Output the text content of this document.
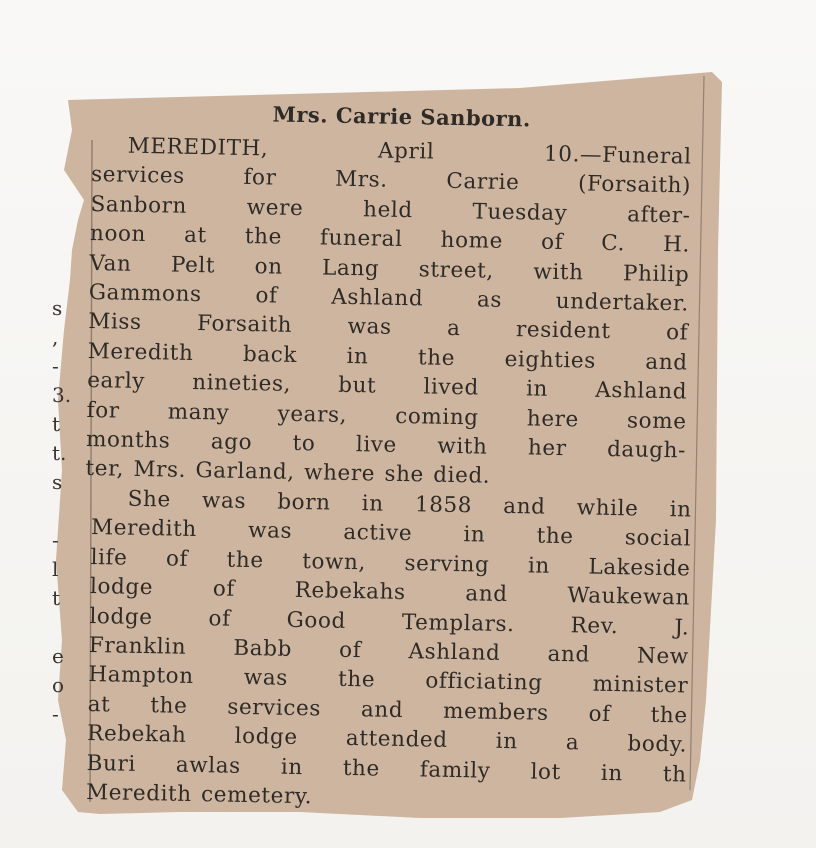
s
,
-
3.
t
t.
s
-
l
t
e
o
-
Mrs. Carrie Sanborn.

MEREDITH, April 10.—Funeral
services for Mrs. Carrie (Forsaith)
Sanborn were held Tuesday after-
noon at the funeral home of C. H.
Van Pelt on Lang street, with Philip
Gammons of Ashland as undertaker.
Miss Forsaith was a resident of
Meredith back in the eighties and
early nineties, but lived in Ashland
for many years, coming here some
months ago to live with her daugh-
ter, Mrs. Garland, where she died.

She was born in 1858 and while in
Meredith was active in the social
life of the town, serving in Lakeside
lodge of Rebekahs and Waukewan
lodge of Good Templars. Rev. J.
Franklin Babb of Ashland and New
Hampton was the officiating minister
at the services and members of the
Rebekah lodge attended in a body.
Buri awlas in the family lot in th
Meredith cemetery.
